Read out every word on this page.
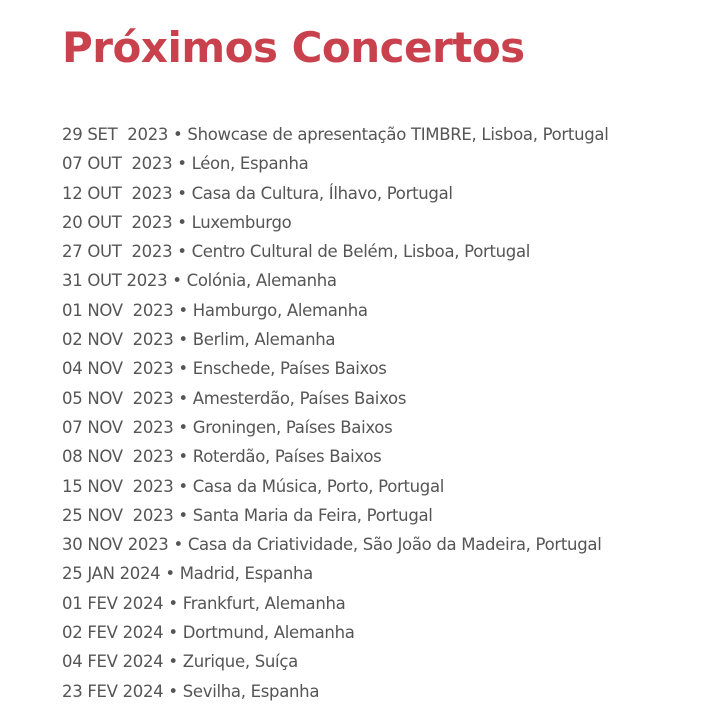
Próximos Concertos
29 SET  2023 • Showcase de apresentação TIMBRE, Lisboa, Portugal
07 OUT  2023 • Léon, Espanha
12 OUT  2023 • Casa da Cultura, Ílhavo, Portugal
20 OUT  2023 • Luxemburgo
27 OUT  2023 • Centro Cultural de Belém, Lisboa, Portugal
31 OUT 2023 • Colónia, Alemanha
01 NOV  2023 • Hamburgo, Alemanha
02 NOV  2023 • Berlim, Alemanha
04 NOV  2023 • Enschede, Países Baixos
05 NOV  2023 • Amesterdão, Países Baixos
07 NOV  2023 • Groningen, Países Baixos
08 NOV  2023 • Roterdão, Países Baixos
15 NOV  2023 • Casa da Música, Porto, Portugal
25 NOV  2023 • Santa Maria da Feira, Portugal
30 NOV 2023 • Casa da Criatividade, São João da Madeira, Portugal
25 JAN 2024 • Madrid, Espanha
01 FEV 2024 • Frankfurt, Alemanha
02 FEV 2024 • Dortmund, Alemanha
04 FEV 2024 • Zurique, Suíça
23 FEV 2024 • Sevilha, Espanha
